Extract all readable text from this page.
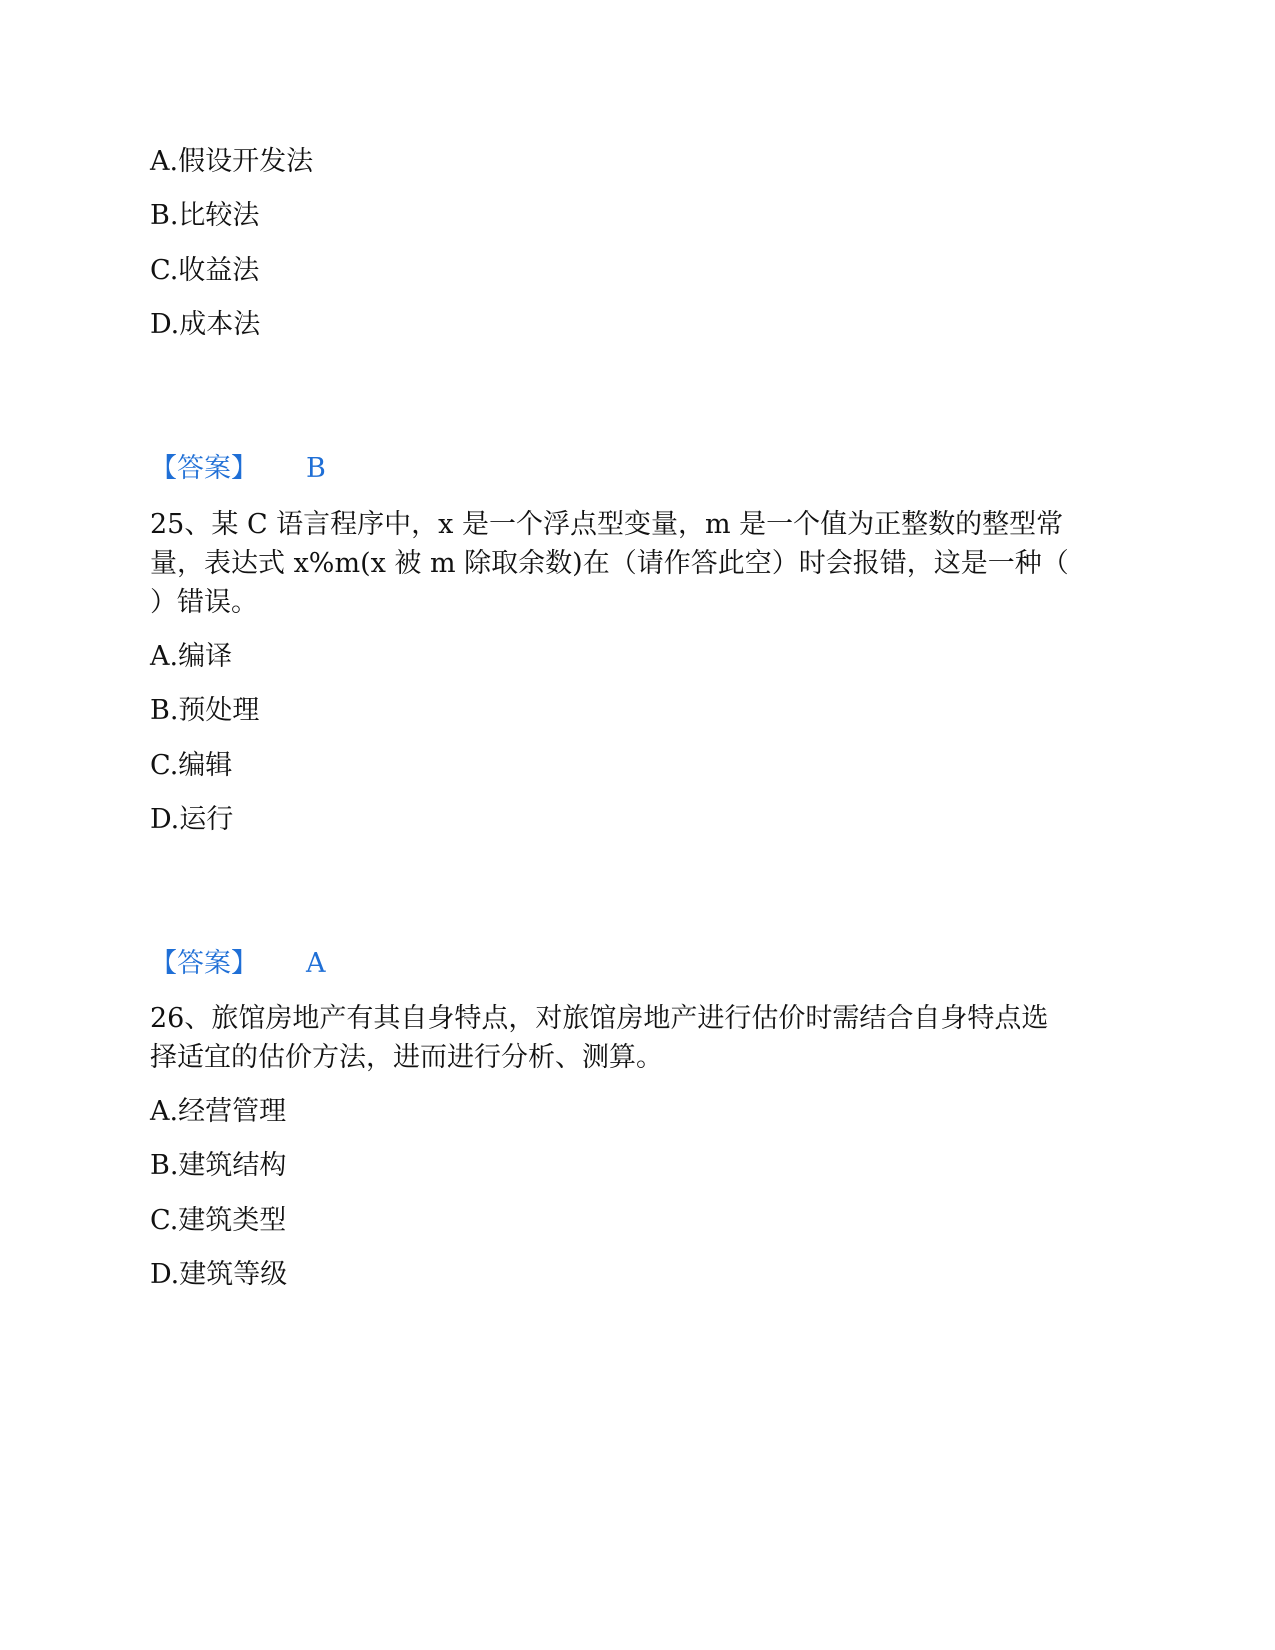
A.假设开发法
B.比较法
C.收益法
D.成本法
【答案】 B
25、某 C 语言程序中，x 是一个浮点型变量，m 是一个值为正整数的整型常
量，表达式 x%m(x 被 m 除取余数)在（请作答此空）时会报错，这是一种（
）错误。
A.编译
B.预处理
C.编辑
D.运行
【答案】 A
26、旅馆房地产有其自身特点，对旅馆房地产进行估价时需结合自身特点选
择适宜的估价方法，进而进行分析、测算。
A.经营管理
B.建筑结构
C.建筑类型
D.建筑等级
